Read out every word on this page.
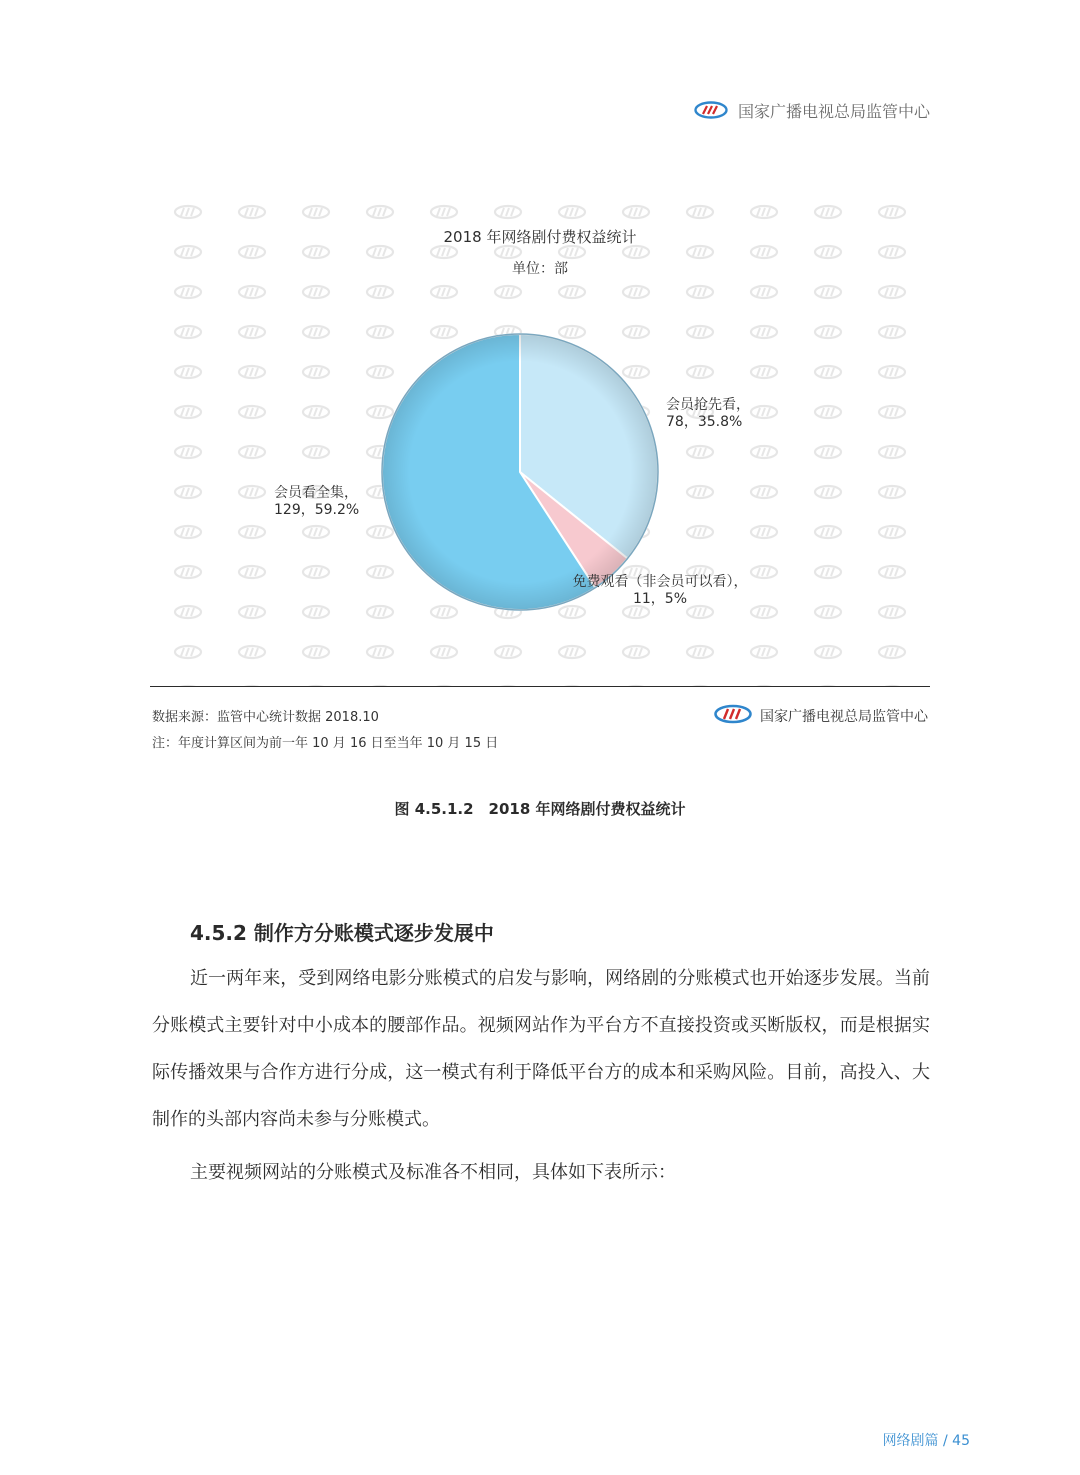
国家广播电视总局监管中心
2018 年网络剧付费权益统计
单位：部
会员抢先看， 78，35.8%
免费观看（非会员可以看）， 11，5%
会员看全集， 129，59.2%
数据来源：监管中心统计数据 2018.10
注：年度计算区间为前一年 10 月 16 日至当年 10 月 15 日
国家广播电视总局监管中心
图 4.5.1.2　2018 年网络剧付费权益统计
4.5.2 制作方分账模式逐步发展中

近一两年来，受到网络电影分账模式的启发与影响，网络剧的分账模式也开始逐步发展。当前分账模式主要针对中小成本的腰部作品。视频网站作为平台方不直接投资或买断版权，而是根据实际传播效果与合作方进行分成，这一模式有利于降低平台方的成本和采购风险。目前，高投入、大制作的头部内容尚未参与分账模式。

主要视频网站的分账模式及标准各不相同，具体如下表所示：

网络剧篇 / 45
